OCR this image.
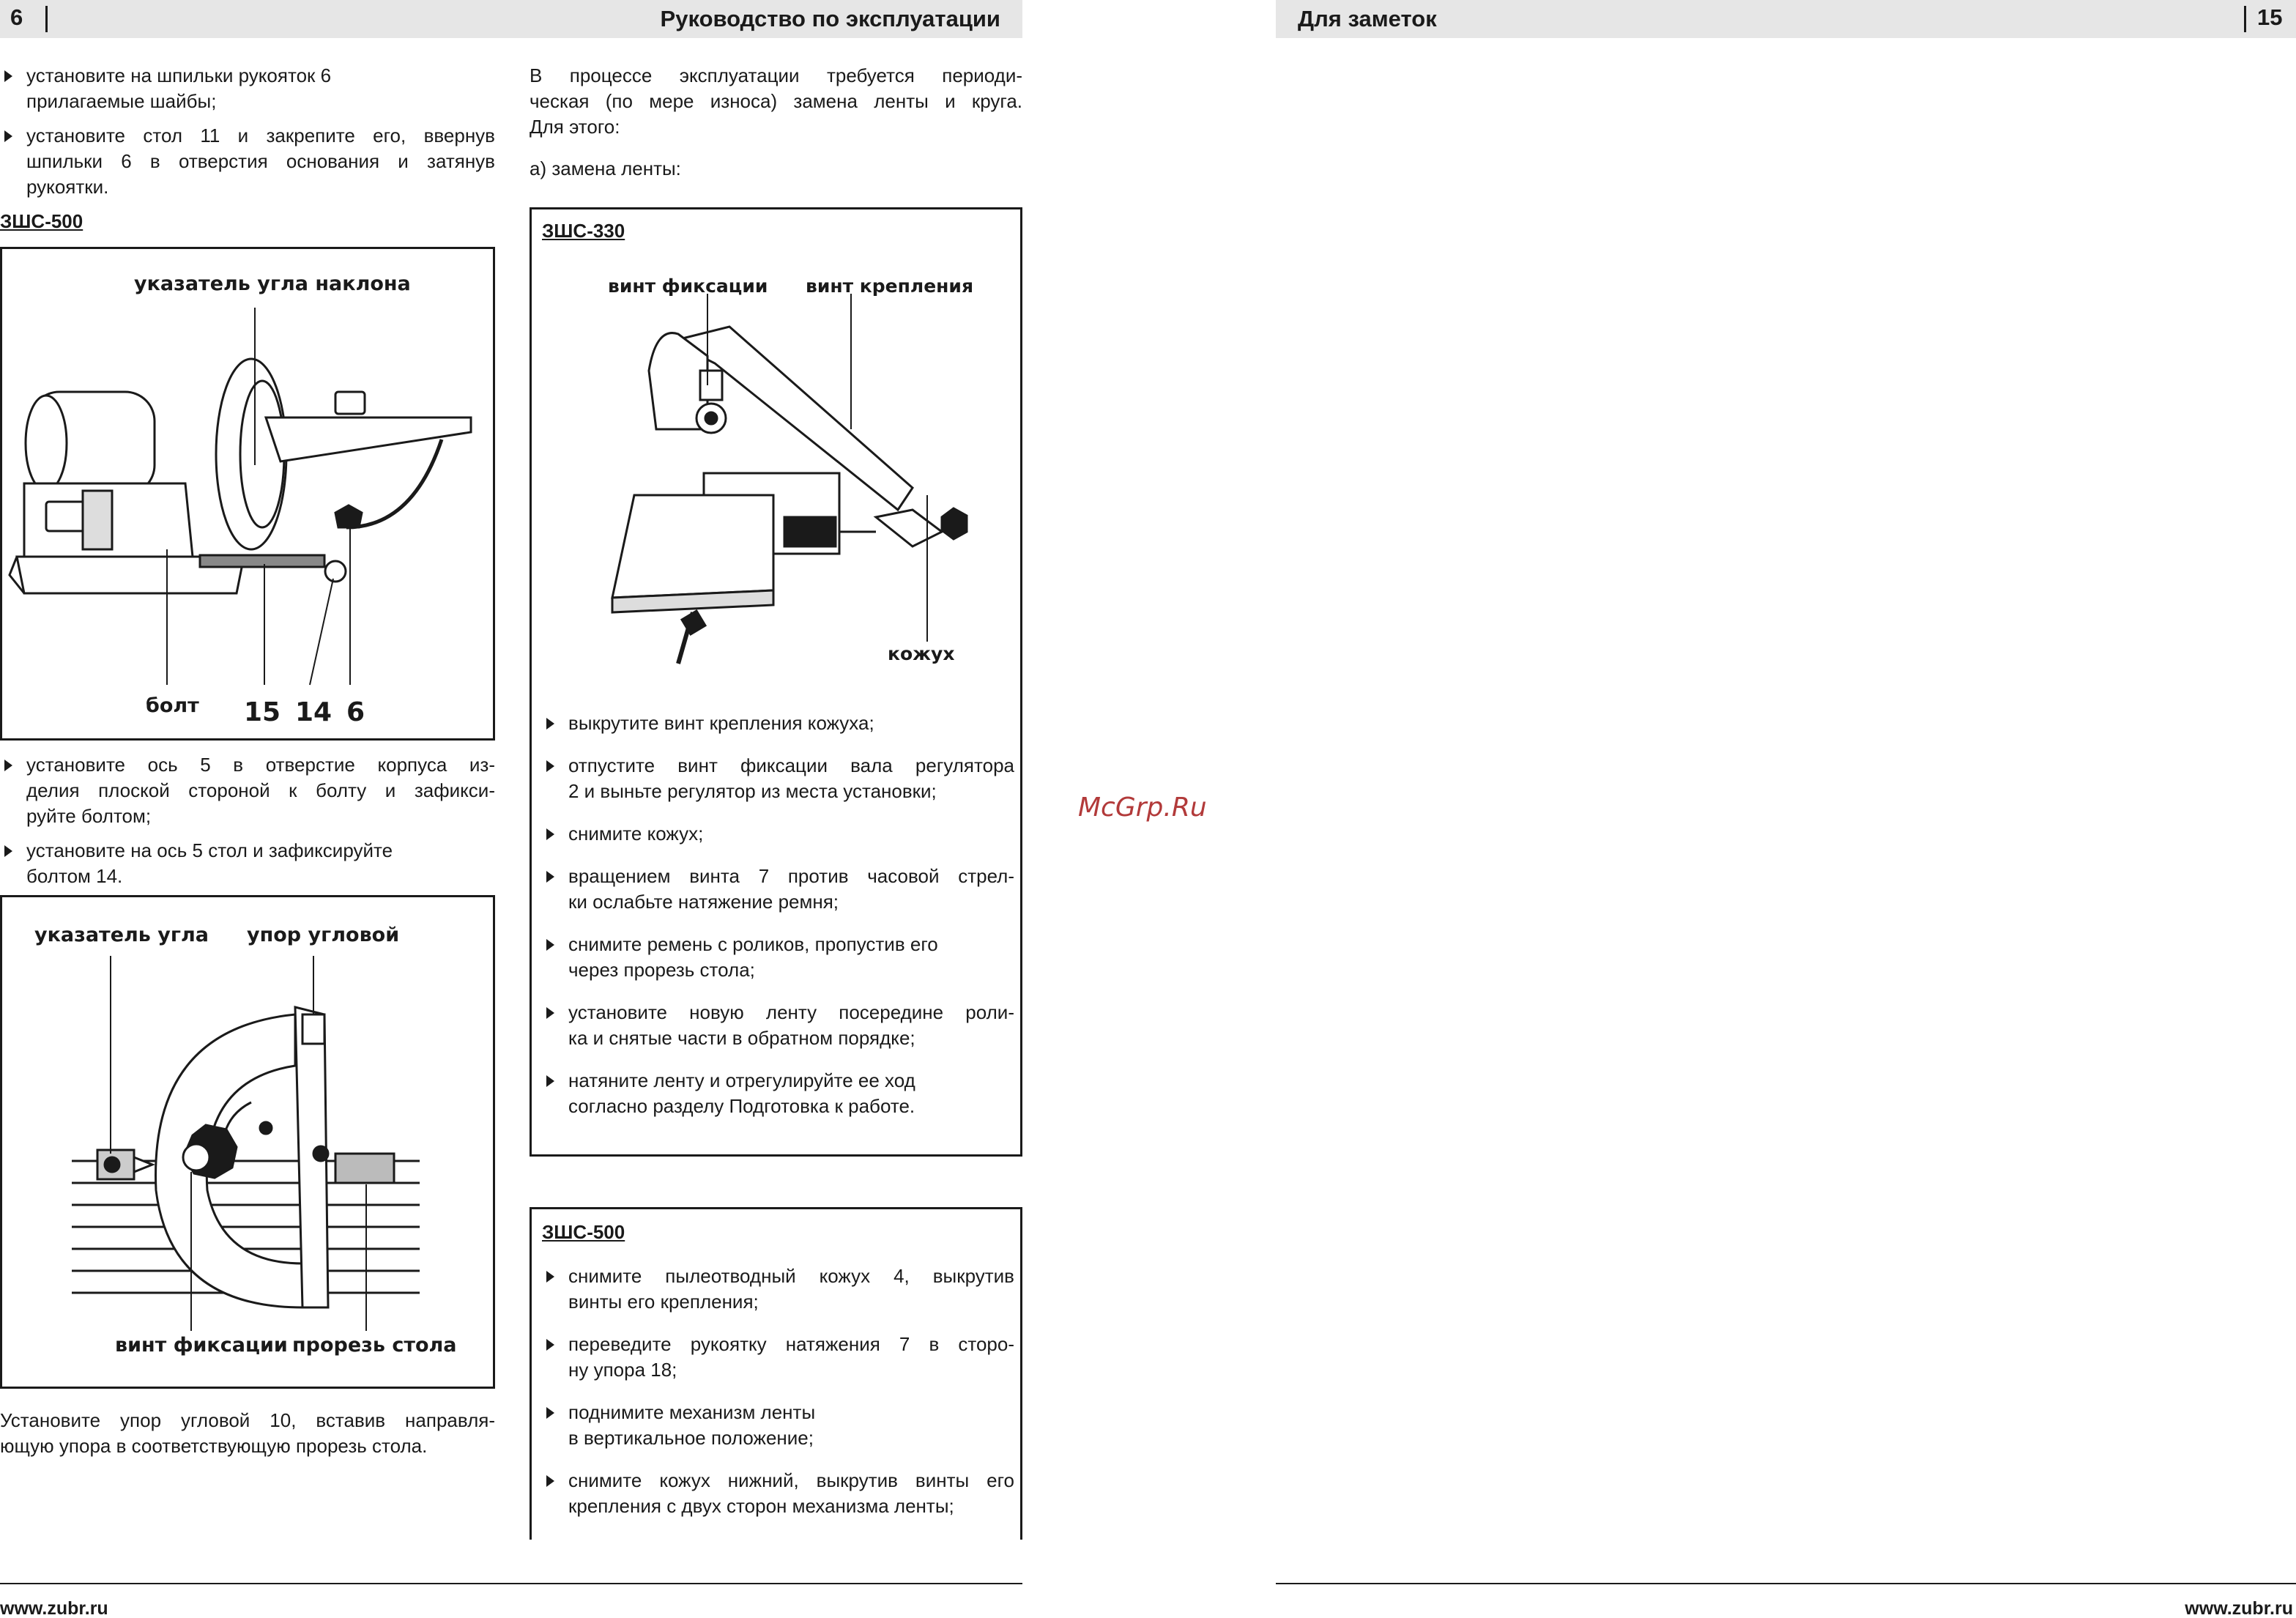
6	Руководство по эксплуатации	Для заметок	15
установите на шпильки рукояток 6
прилагаемые шайбы;
установите стол 11 и закрепите его, ввернув
шпильки 6 в отверстия основания и затянув
рукоятки.
ЗШС-500
указатель угла наклона
болт 15 14 6
установите ось 5 в отверстие корпуса из-
делия плоской стороной к болту и зафикси-
руйте болтом;
установите на ось 5 стол и зафиксируйте
болтом 14.
указатель угла упор угловой
винт фиксации прорезь стола
Установите упор угловой 10, вставив направля-
ющую упора в соответствующую прорезь стола.
В процессе эксплуатации требуется периоди-
ческая (по мере износа) замена ленты и круга.
Для этого:
а) замена ленты:
ЗШС-330
винт фиксации винт крепления
кожух
выкрутите винт крепления кожуха;
отпустите винт фиксации вала регулятора
2 и выньте регулятор из места установки;
снимите кожух;
вращением винта 7 против часовой стрел-
ки ослабьте натяжение ремня;
снимите ремень с роликов, пропустив его
через прорезь стола;
установите новую ленту посередине роли-
ка и снятые части в обратном порядке;
натяните ленту и отрегулируйте ее ход
согласно разделу Подготовка к работе.
ЗШС-500
снимите пылеотводный кожух 4, выкрутив
винты его крепления;
переведите рукоятку натяжения 7 в сторо-
ну упора 18;
поднимите механизм ленты
в вертикальное положение;
снимите кожух нижний, выкрутив винты его
крепления с двух сторон механизма ленты;
McGrp.Ru
www.zubr.ru	www.zubr.ru
